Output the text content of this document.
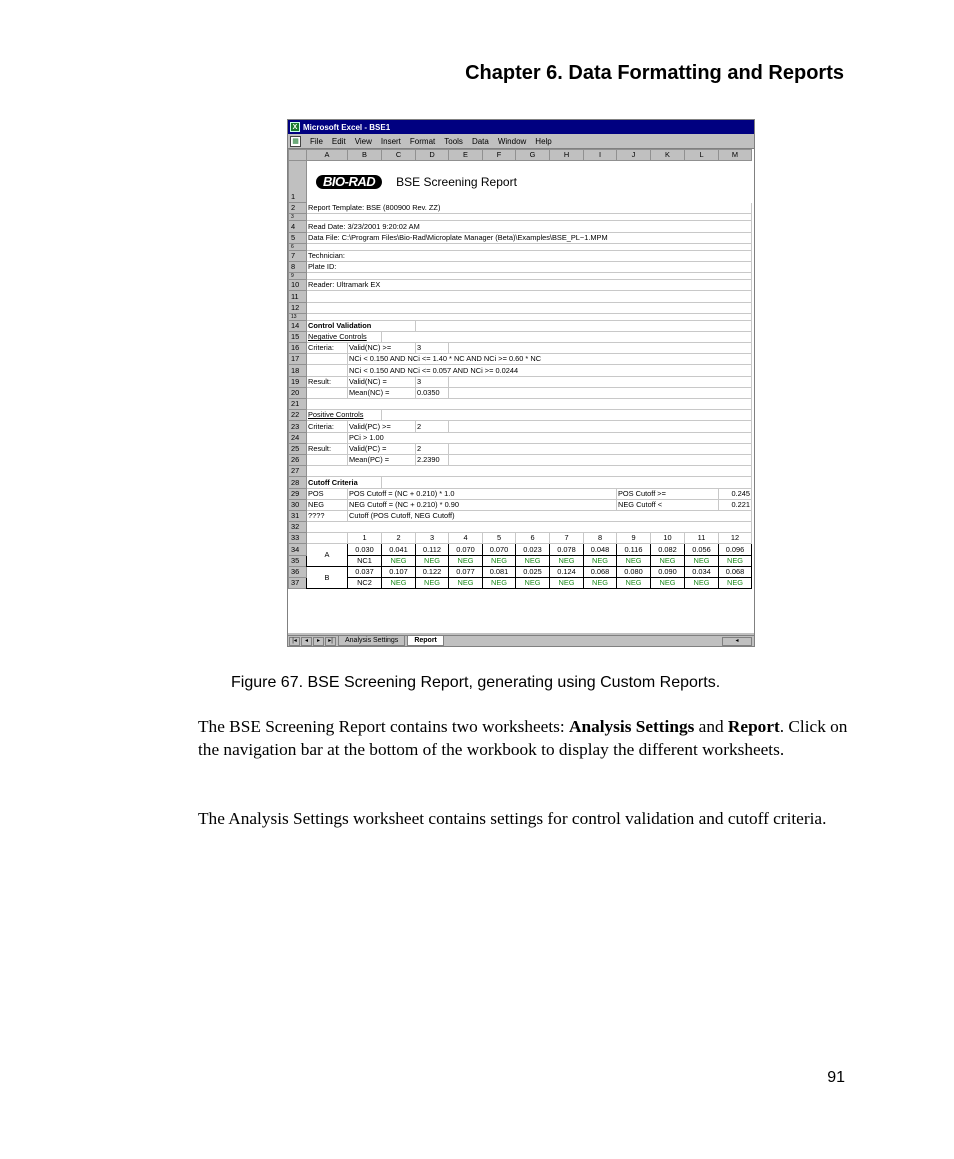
Chapter 6. Data Formatting and Reports
X Microsoft Excel - BSE1
▦ File Edit View Insert Format Tools Data Window Help
	A	B	C	D	E	F	G	H	I	J	K	L	M
1	BIO-RAD BSE Screening Report												
2	Report Template: BSE (800900 Rev. ZZ)												
3													
4	Read Date: 3/23/2001 9:20:02 AM												
5	Data File: C:\Program Files\Bio-Rad\Microplate Manager (Beta)\Examples\BSE_PL~1.MPM												
6													
7	Technician:												
8	Plate ID:												
9													
10	Reader: Ultramark EX												
11													
12													
13													
14	Control Validation												
15	Negative Controls												
16	Criteria:	Valid(NC) >=		3									
17		NCi < 0.150 AND NCi <= 1.40 * NC AND NCi >= 0.60 * NC											
18		NCi < 0.150 AND NCi <= 0.057 AND NCi >= 0.0244											
19	Result:	Valid(NC) =		3									
20		Mean(NC) =		0.0350									
21													
22	Positive Controls												
23	Criteria:	Valid(PC) >=		2									
24		PCi > 1.00											
25	Result:	Valid(PC) =		2									
26		Mean(PC) =		2.2390									
27													
28	Cutoff Criteria												
29	POS	POS Cutoff = (NC + 0.210) * 1.0								POS Cutoff >=			0.245
30	NEG	NEG Cutoff = (NC + 0.210) * 0.90								NEG Cutoff <			0.221
31	????	Cutoff (POS Cutoff, NEG Cutoff)											
32													
33		1	2	3	4	5	6	7	8	9	10	11	12
34	A	0.030	0.041	0.112	0.070	0.070	0.023	0.078	0.048	0.116	0.082	0.056	0.096
35		NC1	NEG	NEG	NEG	NEG	NEG	NEG	NEG	NEG	NEG	NEG	NEG
36	B	0.037	0.107	0.122	0.077	0.081	0.025	0.124	0.068	0.080	0.090	0.034	0.068
37		NC2	NEG	NEG	NEG	NEG	NEG	NEG	NEG	NEG	NEG	NEG	NEG
|◂	◂	▸	▸|	Analysis Settings	Report	◂
Figure 67. BSE Screening Report, generating using Custom Reports.

The BSE Screening Report contains two worksheets: Analysis Settings and Report. Click on the navigation bar at the bottom of the workbook to display the different worksheets.

The Analysis Settings worksheet contains settings for control validation and cutoff criteria.

91
